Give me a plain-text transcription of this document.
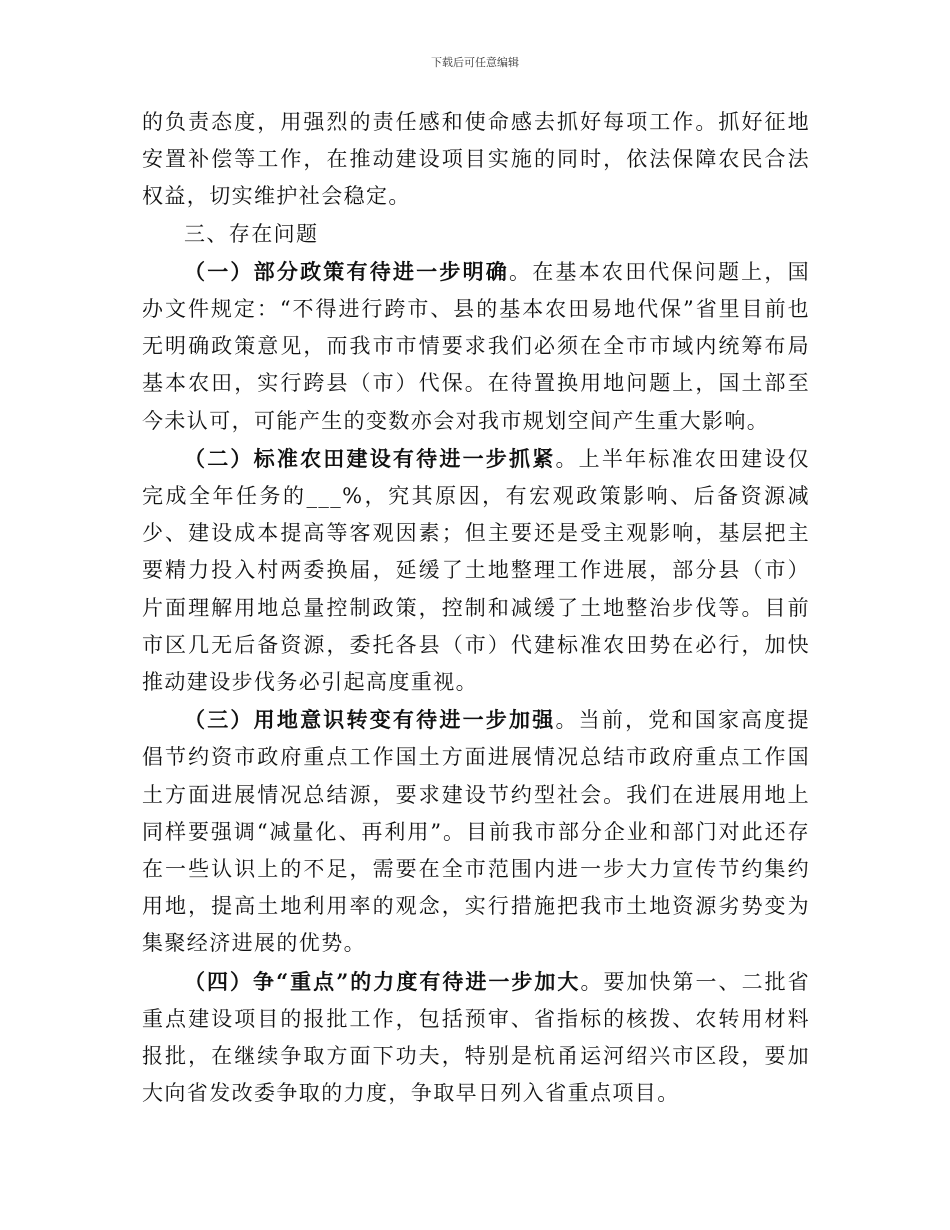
下载后可任意编辑

的负责态度，用强烈的责任感和使命感去抓好每项工作。抓好征地安置补偿等工作，在推动建设项目实施的同时，依法保障农民合法权益，切实维护社会稳定。

三、存在问题

（一）部分政策有待进一步明确。在基本农田代保问题上，国办文件规定：“不得进行跨市、县的基本农田易地代保”省里目前也无明确政策意见，而我市市情要求我们必须在全市市域内统筹布局基本农田，实行跨县（市）代保。在待置换用地问题上，国土部至今未认可，可能产生的变数亦会对我市规划空间产生重大影响。

（二）标准农田建设有待进一步抓紧。上半年标准农田建设仅完成全年任务的___%，究其原因，有宏观政策影响、后备资源减少、建设成本提高等客观因素；但主要还是受主观影响，基层把主要精力投入村两委换届，延缓了土地整理工作进展，部分县（市）片面理解用地总量控制政策，控制和减缓了土地整治步伐等。目前市区几无后备资源，委托各县（市）代建标准农田势在必行，加快推动建设步伐务必引起高度重视。

（三）用地意识转变有待进一步加强。当前，党和国家高度提倡节约资市政府重点工作国土方面进展情况总结市政府重点工作国土方面进展情况总结源，要求建设节约型社会。我们在进展用地上同样要强调“减量化、再利用”。目前我市部分企业和部门对此还存在一些认识上的不足，需要在全市范围内进一步大力宣传节约集约用地，提高土地利用率的观念，实行措施把我市土地资源劣势变为集聚经济进展的优势。

（四）争“重点”的力度有待进一步加大。要加快第一、二批省重点建设项目的报批工作，包括预审、省指标的核拨、农转用材料报批，在继续争取方面下功夫，特别是杭甬运河绍兴市区段，要加大向省发改委争取的力度，争取早日列入省重点项目。
